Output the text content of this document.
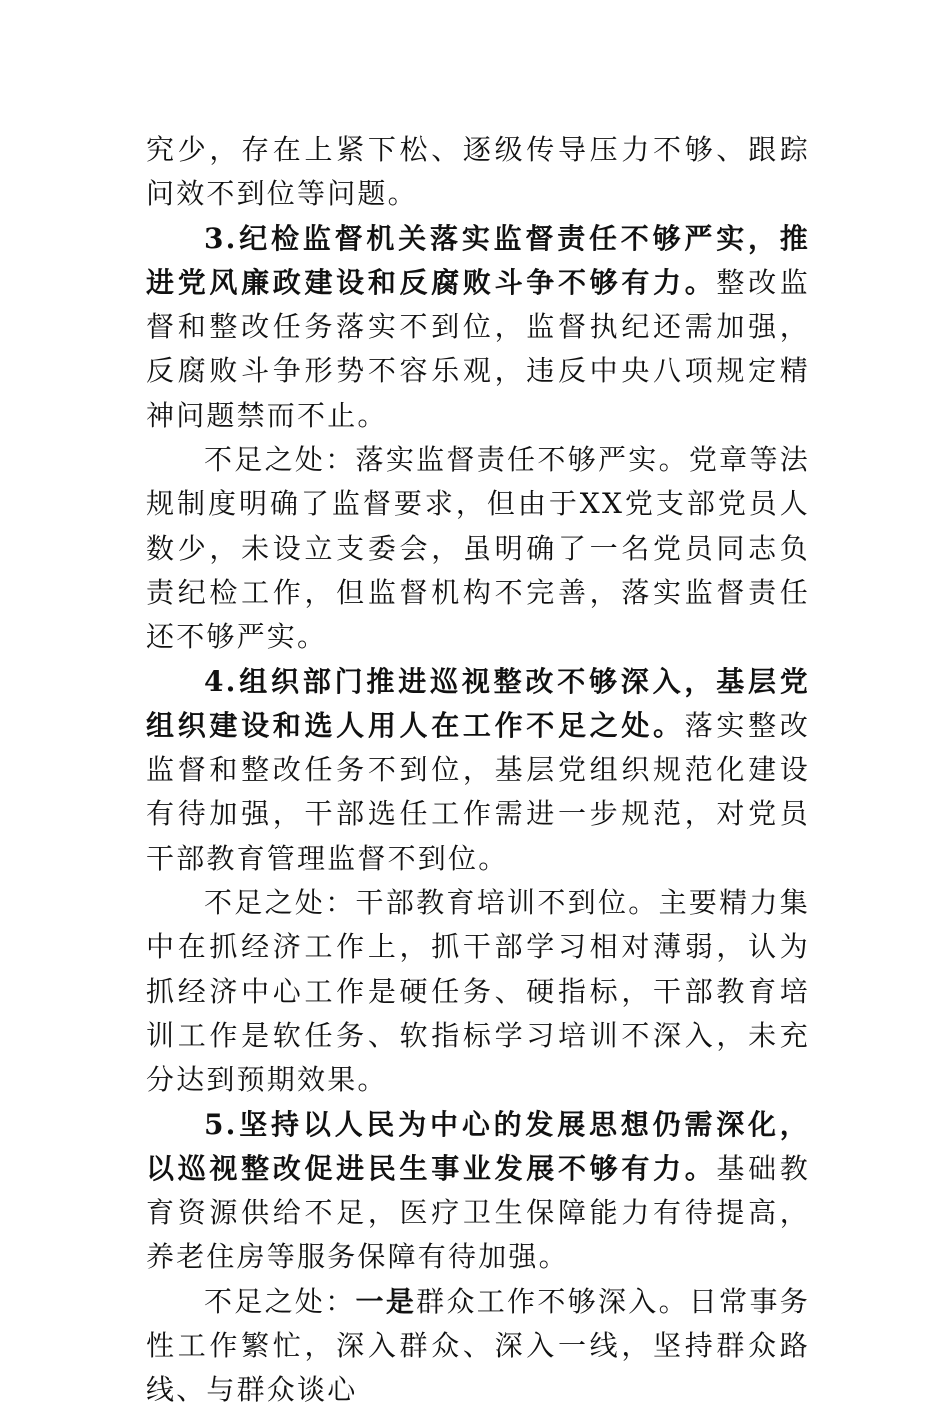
究少，存在上紧下松、逐级传导压力不够、跟踪问效不到位等问题。

3.纪检监督机关落实监督责任不够严实，推进党风廉政建设和反腐败斗争不够有力。整改监督和整改任务落实不到位，监督执纪还需加强，反腐败斗争形势不容乐观，违反中央八项规定精神问题禁而不止。

不足之处：落实监督责任不够严实。党章等法规制度明确了监督要求，但由于XX党支部党员人数少，未设立支委会，虽明确了一名党员同志负责纪检工作，但监督机构不完善，落实监督责任还不够严实。

4.组织部门推进巡视整改不够深入，基层党组织建设和选人用人在工作不足之处。落实整改监督和整改任务不到位，基层党组织规范化建设有待加强，干部选任工作需进一步规范，对党员干部教育管理监督不到位。

不足之处：干部教育培训不到位。主要精力集中在抓经济工作上，抓干部学习相对薄弱，认为抓经济中心工作是硬任务、硬指标，干部教育培训工作是软任务、软指标学习培训不深入，未充分达到预期效果。

5.坚持以人民为中心的发展思想仍需深化，以巡视整改促进民生事业发展不够有力。基础教育资源供给不足，医疗卫生保障能力有待提高，养老住房等服务保障有待加强。

不足之处：一是群众工作不够深入。日常事务性工作繁忙，深入群众、深入一线，坚持群众路线、与群众谈心
